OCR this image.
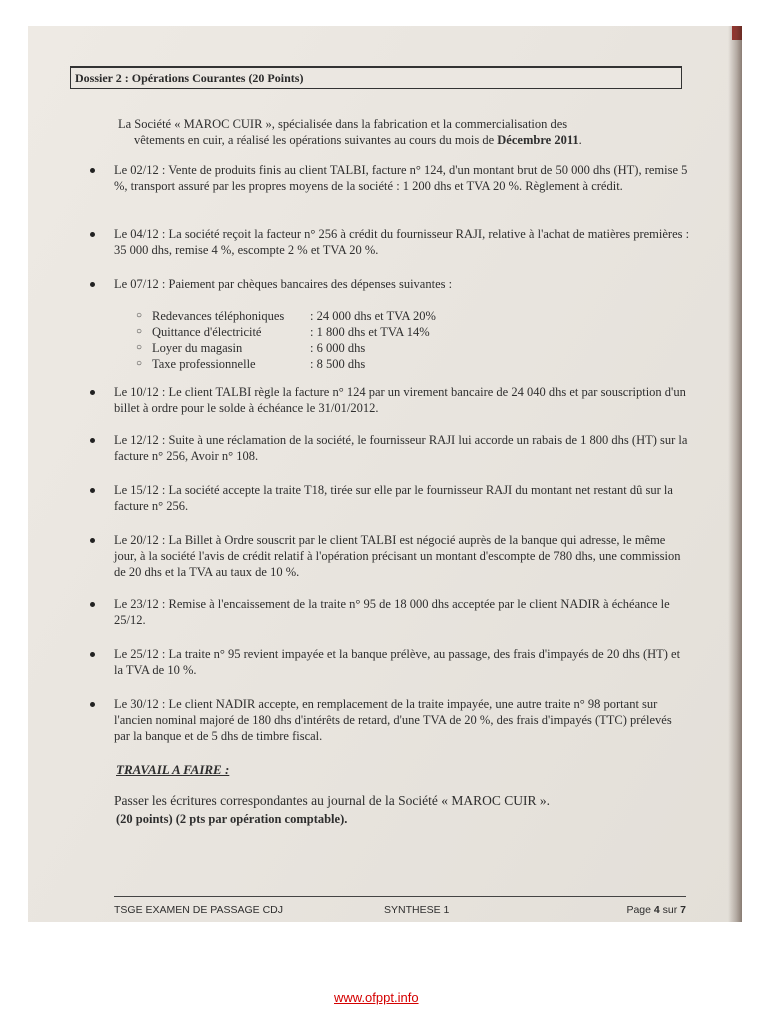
Dossier 2 : Opérations Courantes (20 Points)

La Société « MAROC CUIR », spécialisée dans la fabrication et la commercialisation des

vêtements en cuir, a réalisé les opérations suivantes au cours du mois de Décembre 2011.

Le 02/12 : Vente de produits finis au client TALBI, facture n° 124, d'un montant brut de 50 000 dhs (HT), remise 5 %, transport assuré par les propres moyens de la société : 1 200 dhs et TVA 20 %. Règlement à crédit.
Le 04/12 : La société reçoit la facteur n° 256 à crédit du fournisseur RAJI, relative à l'achat de matières premières : 35 000 dhs, remise 4 %, escompte 2 % et TVA 20 %.
Le 07/12 : Paiement par chèques bancaires des dépenses suivantes :
○ Redevances téléphoniques	: 24 000 dhs et TVA 20%
○ Quittance d'électricité	: 1 800 dhs et TVA 14%
○ Loyer du magasin	: 6 000 dhs
○ Taxe professionnelle	: 8 500 dhs
Le 10/12 : Le client TALBI règle la facture n° 124 par un virement bancaire de 24 040 dhs et par souscription d'un billet à ordre pour le solde à échéance le 31/01/2012.
Le 12/12 : Suite à une réclamation de la société, le fournisseur RAJI lui accorde un rabais de 1 800 dhs (HT) sur la facture n° 256, Avoir n° 108.
Le 15/12 : La société accepte la traite T18, tirée sur elle par le fournisseur RAJI du montant net restant dû sur la facture n° 256.
Le 20/12 : La Billet à Ordre souscrit par le client TALBI est négocié auprès de la banque qui adresse, le même jour, à la société l'avis de crédit relatif à l'opération précisant un montant d'escompte de 780 dhs, une commission de 20 dhs et la TVA au taux de 10 %.
Le 23/12 : Remise à l'encaissement de la traite n° 95 de 18 000 dhs acceptée par le client NADIR à échéance le 25/12.
Le 25/12 : La traite n° 95 revient impayée et la banque prélève, au passage, des frais d'impayés de 20 dhs (HT) et la TVA de 10 %.
Le 30/12 : Le client NADIR accepte, en remplacement de la traite impayée, une autre traite n° 98 portant sur l'ancien nominal majoré de 180 dhs d'intérêts de retard, d'une TVA de 20 %, des frais d'impayés (TTC) prélevés par la banque et de 5 dhs de timbre fiscal.
TRAVAIL A FAIRE :
Passer les écritures correspondantes au journal de la Société « MAROC CUIR ».
(20 points) (2 pts par opération comptable).
TSGE EXAMEN DE PASSAGE CDJ	SYNTHESE 1	Page 4 sur 7
www.ofppt.info
